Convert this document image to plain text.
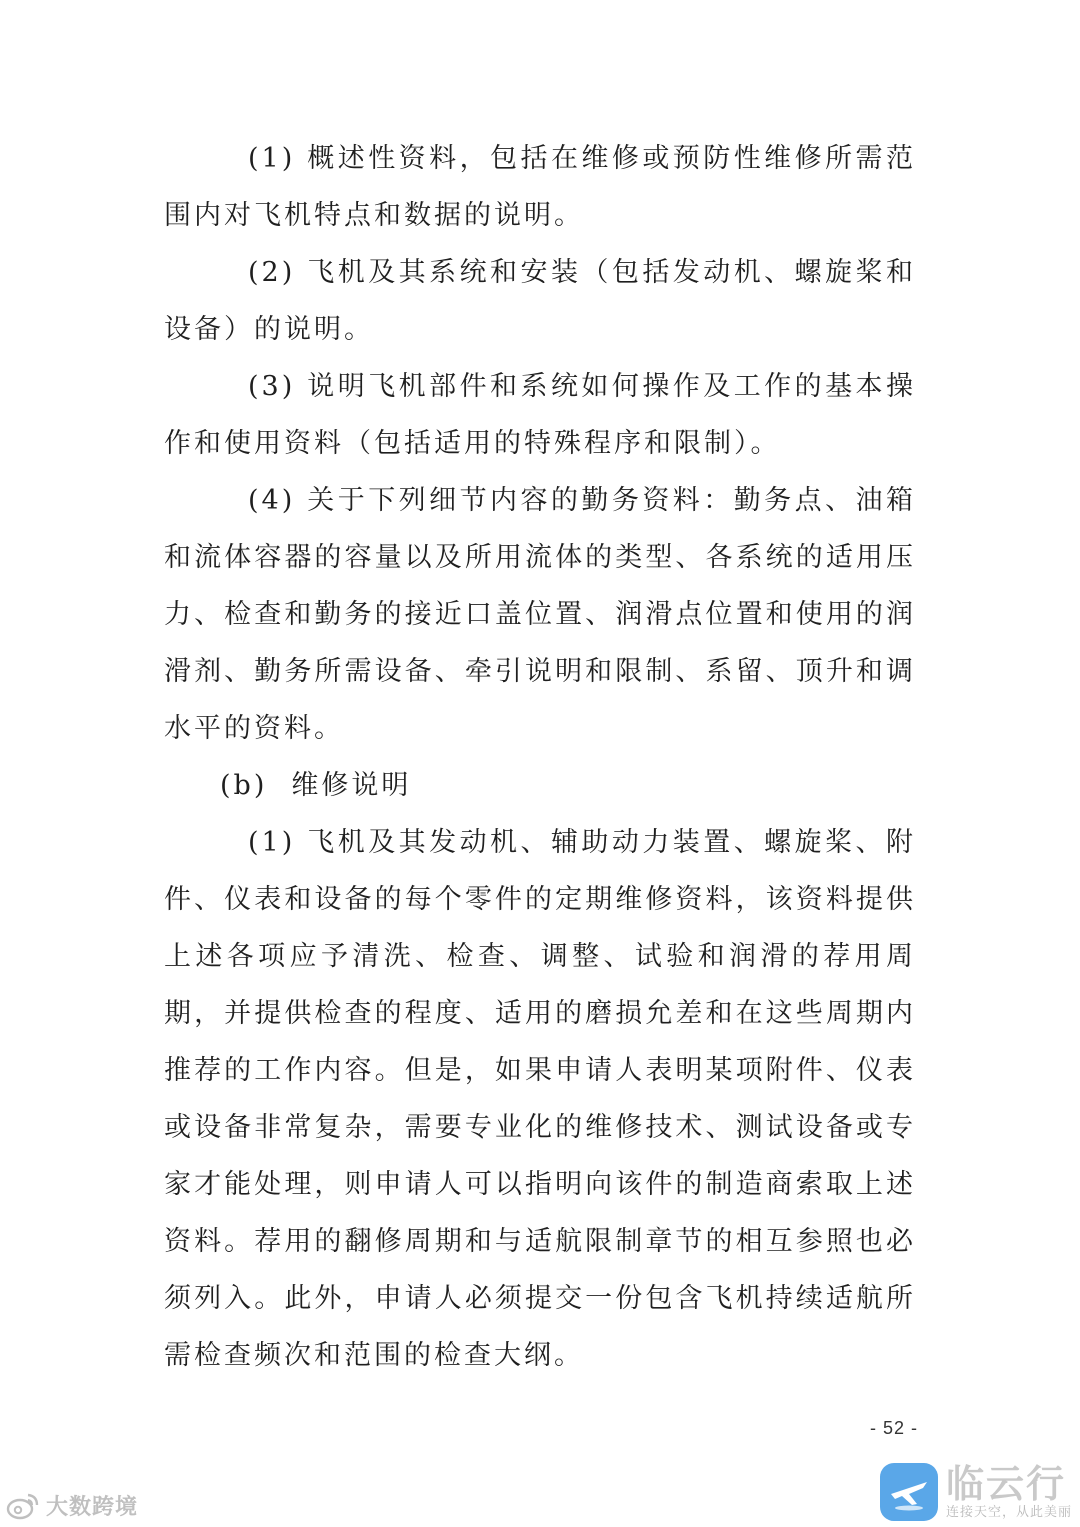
(1) 概述性资料，包括在维修或预防性维修所需范围内对飞机特点和数据的说明。

(2) 飞机及其系统和安装（包括发动机、螺旋桨和设备）的说明。

(3) 说明飞机部件和系统如何操作及工作的基本操作和使用资料（包括适用的特殊程序和限制）。

(4) 关于下列细节内容的勤务资料：勤务点、油箱和流体容器的容量以及所用流体的类型、各系统的适用压力、检查和勤务的接近口盖位置、润滑点位置和使用的润滑剂、勤务所需设备、牵引说明和限制、系留、顶升和调水平的资料。

(b) 维修说明

(1) 飞机及其发动机、辅助动力装置、螺旋桨、附件、仪表和设备的每个零件的定期维修资料，该资料提供上述各项应予清洗、检查、调整、试验和润滑的荐用周期，并提供检查的程度、适用的磨损允差和在这些周期内推荐的工作内容。但是，如果申请人表明某项附件、仪表或设备非常复杂，需要专业化的维修技术、测试设备或专家才能处理，则申请人可以指明向该件的制造商索取上述资料。荐用的翻修周期和与适航限制章节的相互参照也必须列入。此外，申请人必须提交一份包含飞机持续适航所需检查频次和范围的检查大纲。

- 52 -
大数跨境
临云行
连接天空，从此美丽
